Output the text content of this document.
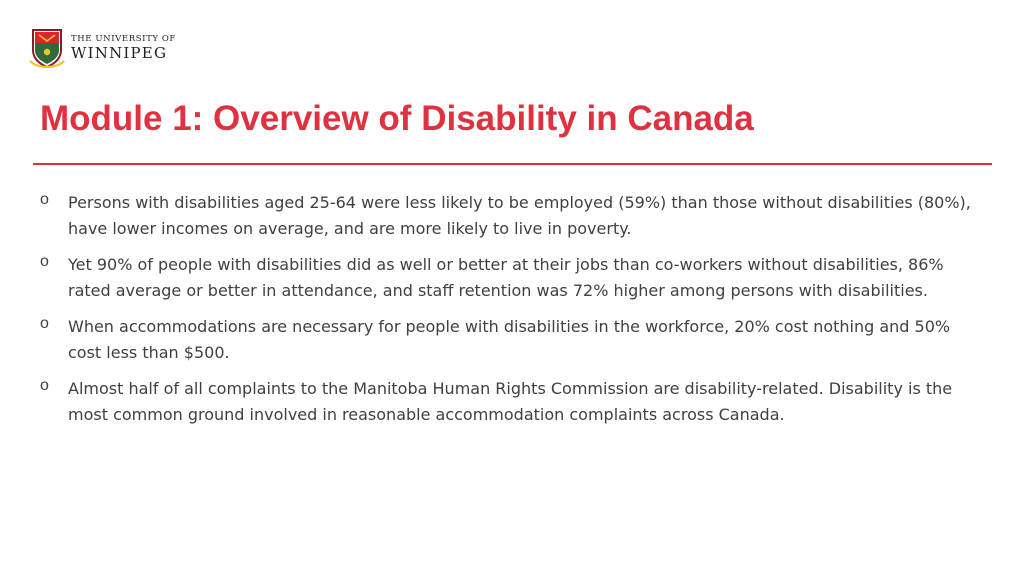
THE UNIVERSITY OF
WINNIPEG
Module 1: Overview of Disability in Canada
o Persons with disabilities aged 25-64 were less likely to be employed (59%) than those without disabilities (80%), have lower incomes on average, and are more likely to live in poverty.
o Yet 90% of people with disabilities did as well or better at their jobs than co-workers without disabilities, 86% rated average or better in attendance, and staff retention was 72% higher among persons with disabilities.
o When accommodations are necessary for people with disabilities in the workforce, 20% cost nothing and 50% cost less than $500.
o Almost half of all complaints to the Manitoba Human Rights Commission are disability-related. Disability is the most common ground involved in reasonable accommodation complaints across Canada.
